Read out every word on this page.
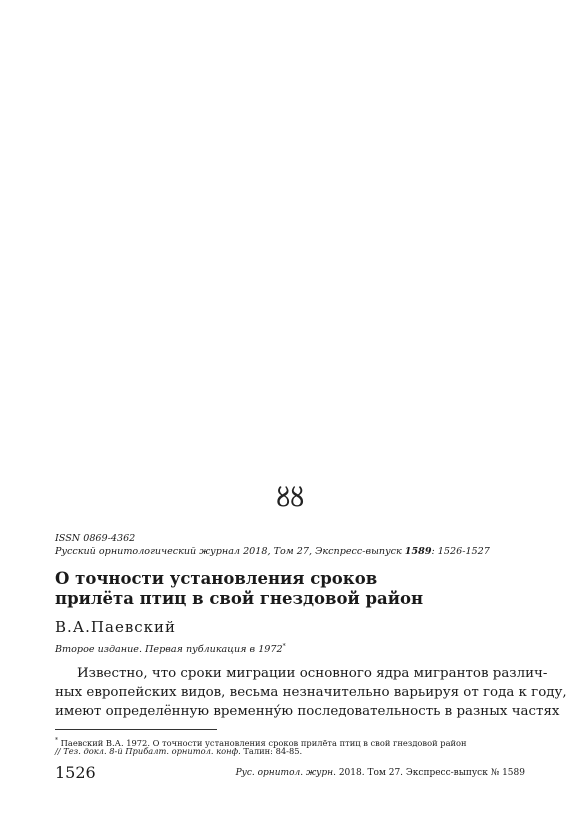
ȣȣ
ISSN 0869-4362
Русский орнитологический журнал 2018, Том 27, Экспресс-выпуск 1589: 1526-1527
О точности установления сроков
прилёта птиц в свой гнездовой район
В.А.Паевский
Второе издание. Первая публикация в 1972*
Известно, что сроки миграции основного ядра мигрантов различ-
ных европейских видов, весьма незначительно варьируя от года к году,
имеют определённую временну́ю последовательность в разных частях
* Паевский В.А. 1972. О точности установления сроков прилёта птиц в свой гнездовой район
// Тез. докл. 8-й Прибалт. орнитол. конф. Талин: 84-85.
1526	Рус. орнитол. журн. 2018. Том 27. Экспресс-выпуск № 1589
